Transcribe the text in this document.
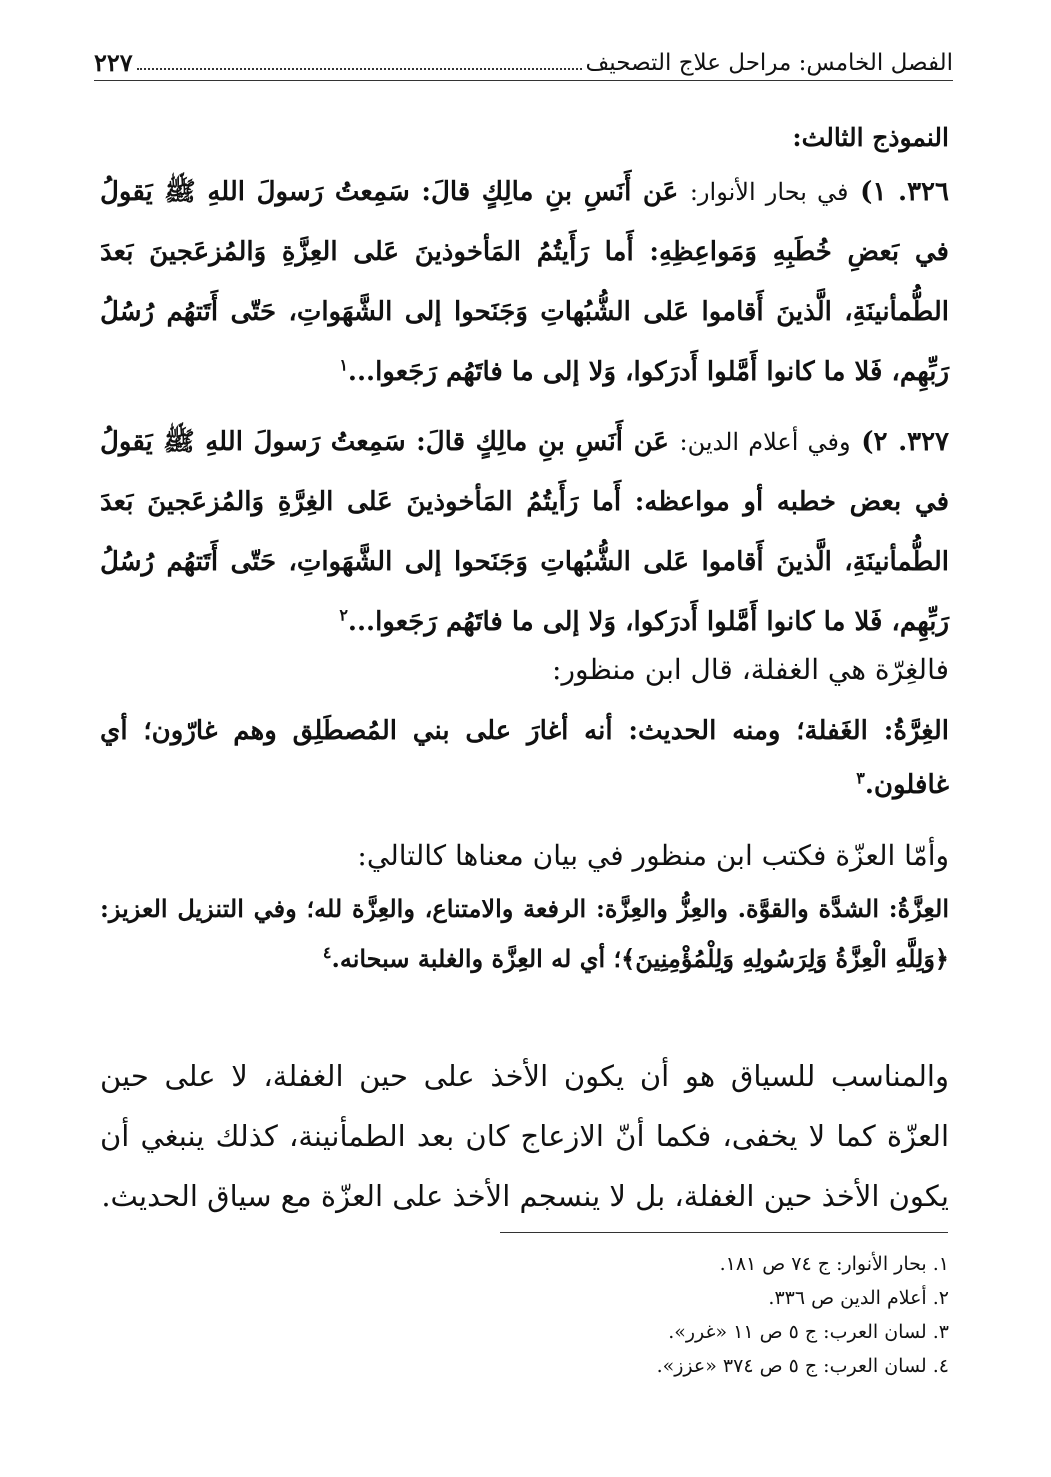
الفصل الخامس: مراحل علاج التصحيف
٢٢٧
النموذج الثالث:
٣٢٦. ١) في بحار الأنوار: عَن أَنَسِ بنِ مالِكٍ قالَ: سَمِعتُ رَسولَ اللهِ ﷺ يَقولُ في بَعضِ خُطَبِهِ وَمَواعِظِهِ: أَما رَأَيتُمُ المَأخوذينَ عَلى العِزَّةِ وَالمُزعَجينَ بَعدَ الطُّمأنينَةِ، الَّذينَ أَقاموا عَلى الشُّبُهاتِ وَجَنَحوا إلى الشَّهَواتِ، حَتّى أَتَتهُم رُسُلُ رَبِّهِم، فَلا ما كانوا أَمَّلوا أَدرَكوا، وَلا إلى ما فاتَهُم رَجَعوا...$^١$
٣٢٧. ٢) وفي أعلام الدين: عَن أَنَسِ بنِ مالِكٍ قالَ: سَمِعتُ رَسولَ اللهِ ﷺ يَقولُ في بعض خطبه أو مواعظه: أَما رَأَيتُمُ المَأخوذينَ عَلى الغِرَّةِ وَالمُزعَجينَ بَعدَ الطُّمأنينَةِ، الَّذينَ أَقاموا عَلى الشُّبُهاتِ وَجَنَحوا إلى الشَّهَواتِ، حَتّى أَتَتهُم رُسُلُ رَبِّهِم، فَلا ما كانوا أَمَّلوا أَدرَكوا، وَلا إلى ما فاتَهُم رَجَعوا...$^٢$
فالغِرّة هي الغفلة، قال ابن منظور:
الغِرَّةُ: الغَفلة؛ ومنه الحديث: أنه أغارَ على بني المُصطَلِق وهم غارّون؛ أي غافلون.$^٣$
وأمّا العزّة فكتب ابن منظور في بيان معناها كالتالي:
العِزَّةُ: الشدَّة والقوَّة. والعِزُّ والعِزَّة: الرفعة والامتناع، والعِزَّة لله؛ وفي التنزيل العزيز: ﴿وَلِلَّهِ الْعِزَّةُ وَلِرَسُولِهِ وَلِلْمُؤْمِنِينَ﴾؛ أي له العِزَّة والغلبة سبحانه.$^٤$
والمناسب للسياق هو أن يكون الأخذ على حين الغفلة، لا على حين العزّة كما لا يخفى، فكما أنّ الازعاج كان بعد الطمأنينة، كذلك ينبغي أن يكون الأخذ حين الغفلة، بل لا ينسجم الأخذ على العزّة مع سياق الحديث.
١. بحار الأنوار: ج ٧٤ ص ١٨١.
٢. أعلام الدين ص ٣٣٦.
٣. لسان العرب: ج ٥ ص ١١ «غرر».
٤. لسان العرب: ج ٥ ص ٣٧٤ «عزز».
